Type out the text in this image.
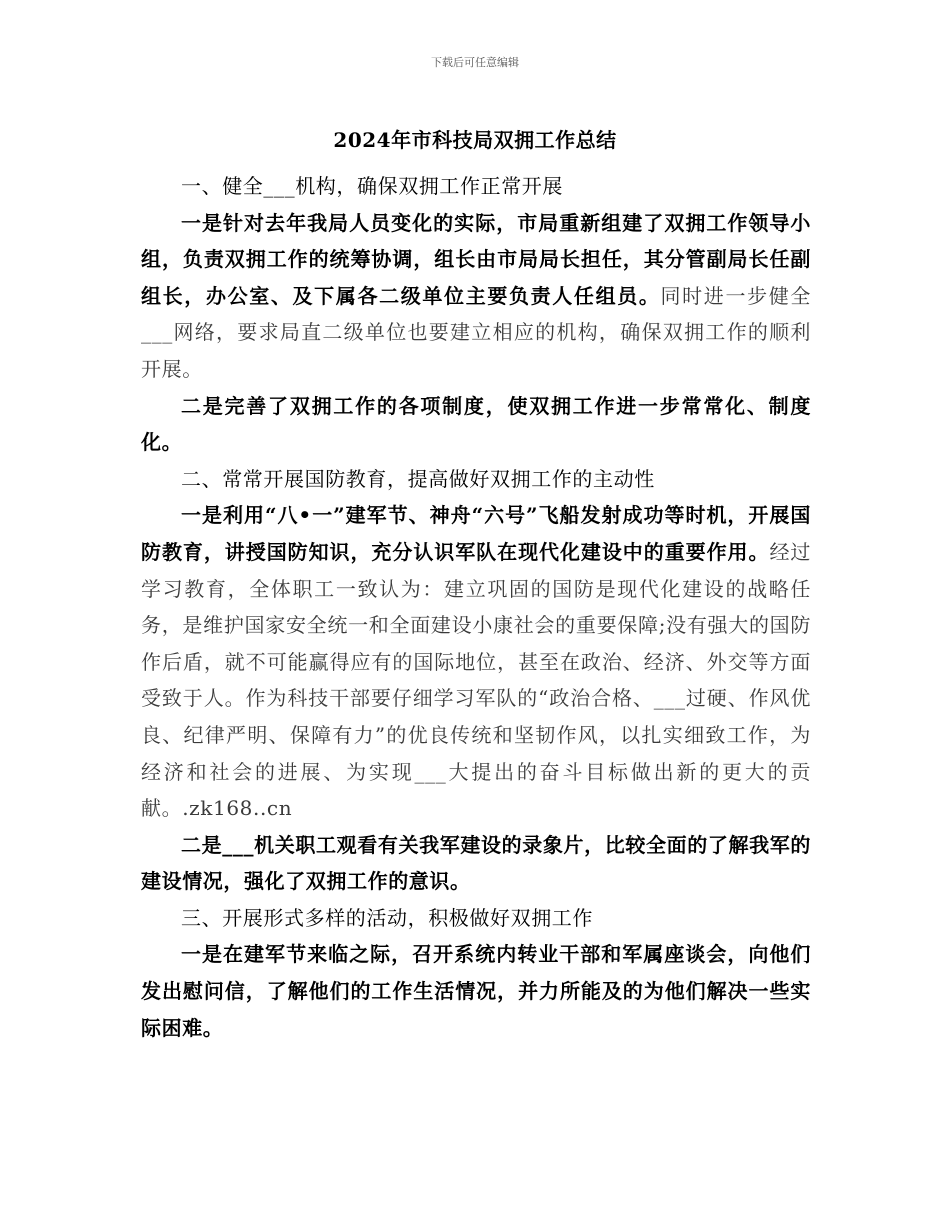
下载后可任意编辑
2024年市科技局双拥工作总结

一、健全___机构，确保双拥工作正常开展

一是针对去年我局人员变化的实际，市局重新组建了双拥工作领导小组，负责双拥工作的统筹协调，组长由市局局长担任，其分管副局长任副组长，办公室、及下属各二级单位主要负责人任组员。同时进一步健全___网络，要求局直二级单位也要建立相应的机构，确保双拥工作的顺利开展。

二是完善了双拥工作的各项制度，使双拥工作进一步常常化、制度化。

二、常常开展国防教育，提高做好双拥工作的主动性

一是利用“八•一”建军节、神舟“六号”飞船发射成功等时机，开展国防教育，讲授国防知识，充分认识军队在现代化建设中的重要作用。经过学习教育，全体职工一致认为：建立巩固的国防是现代化建设的战略任务，是维护国家安全统一和全面建设小康社会的重要保障;没有强大的国防作后盾，就不可能赢得应有的国际地位，甚至在政治、经济、外交等方面受致于人。作为科技干部要仔细学习军队的“政治合格、___过硬、作风优良、纪律严明、保障有力”的优良传统和坚韧作风，以扎实细致工作，为经济和社会的进展、为实现___大提出的奋斗目标做出新的更大的贡献。.zk168..cn

二是___机关职工观看有关我军建设的录象片，比较全面的了解我军的建设情况，强化了双拥工作的意识。

三、开展形式多样的活动，积极做好双拥工作

一是在建军节来临之际，召开系统内转业干部和军属座谈会，向他们发出慰问信，了解他们的工作生活情况，并力所能及的为他们解决一些实际困难。
